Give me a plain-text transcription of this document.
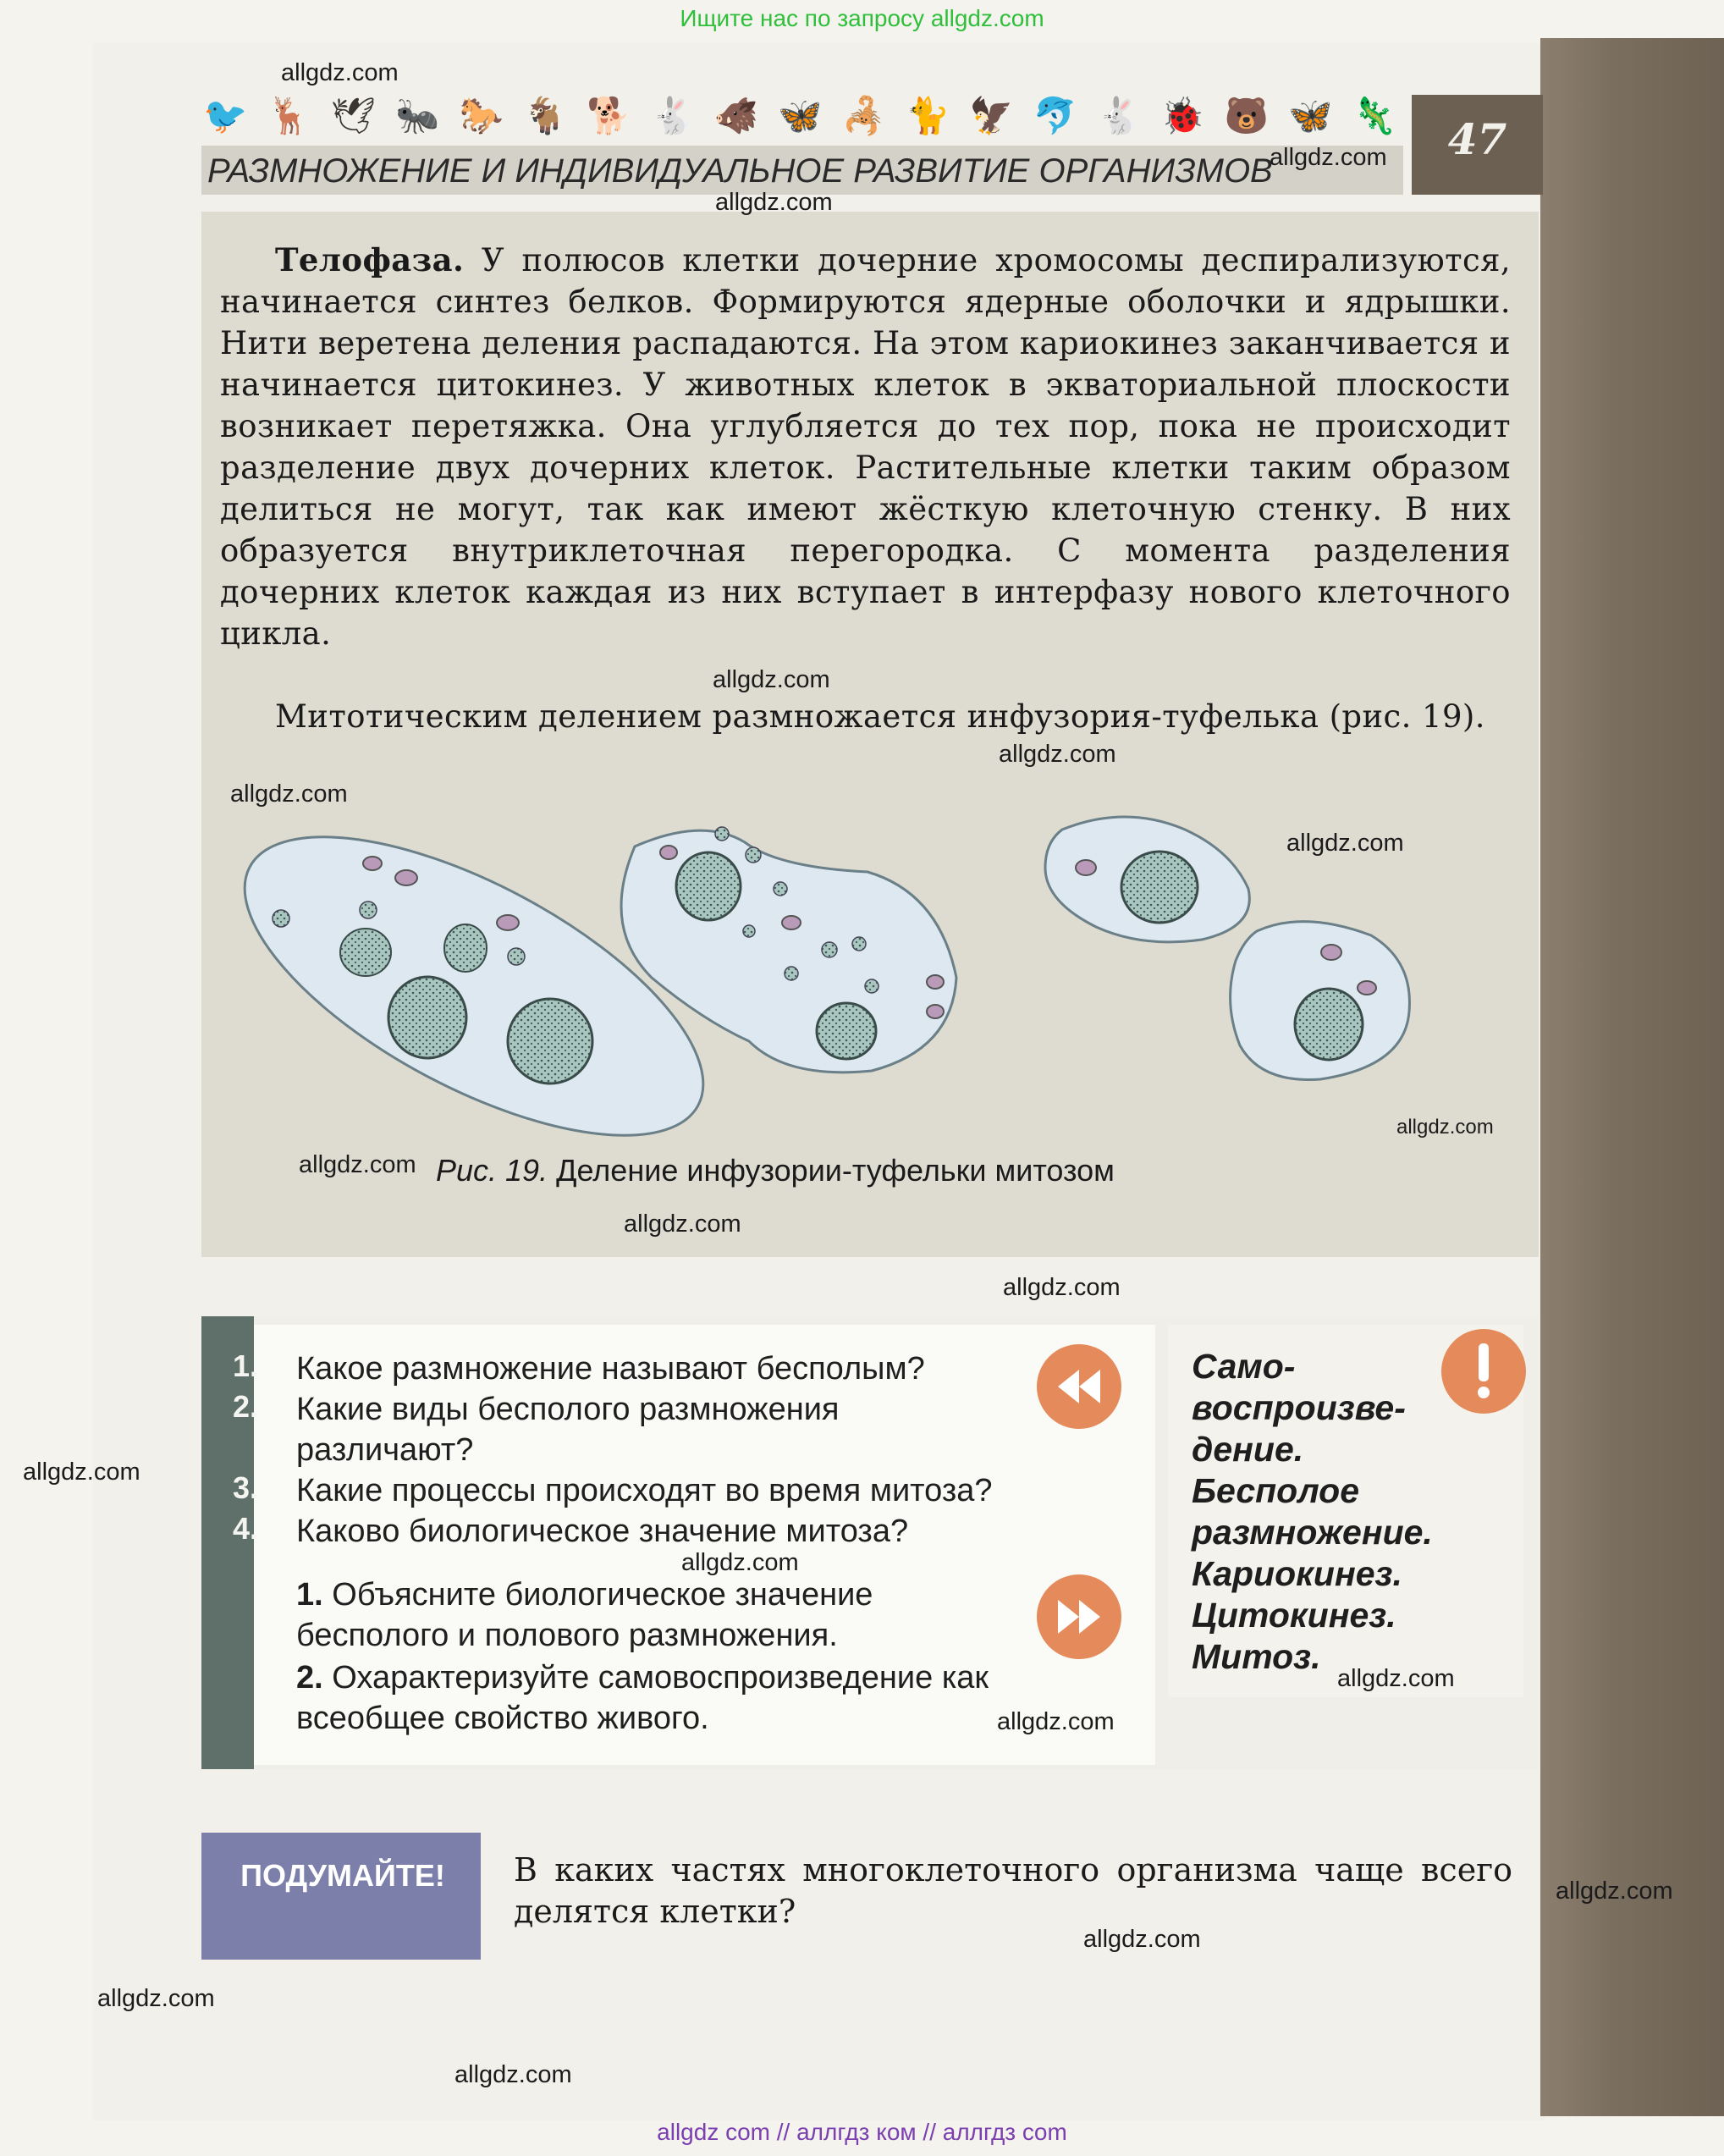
Ищите нас по запросу allgdz.com
🐦 🦌 🕊 🐜 🐎 🐐 🐕 🐇 🐗 🦋 🦂 🐈 🦅 🐬 🐇 🐞 🐻 🦋 🦎
РАЗМНОЖЕНИЕ И ИНДИВИДУАЛЬНОЕ РАЗВИТИЕ ОРГАНИЗМОВ
47
Телофаза. У полюсов клетки дочерние хромосомы деспирализуются, начинается синтез белков. Формируются ядерные оболочки и ядрышки. Нити веретена деления распадаются. На этом кариокинез заканчивается и начинается цитокинез. У животных клеток в экваториальной плоскости возникает перетяжка. Она углубляется до тех пор, пока не происходит разделение двух дочерних клеток. Растительные клетки таким образом делиться не могут, так как имеют жёсткую клеточную стенку. В них образуется внутриклеточная перегородка. С момента разделения дочерних клеток каждая из них вступает в интерфазу нового клеточного цикла.
Митотическим делением размножается инфузория-туфелька (рис. 19).
Рис. 19. Деление инфузории-туфельки митозом
1. Какое размножение называют бесполым?
2. Какие виды бесполого размножения различают?
3. Какие процессы происходят во время митоза?
4. Каково биологическое значение митоза?
1. Объясните биологическое значение бесполого и полового размножения.
2. Охарактеризуйте самовоспроизведение как всеобщее свойство живого.
Само-
воспроизве-
дение.
Бесполое
размножение.
Кариокинез.
Цитокинез.
Митоз.
ПОДУМАЙТЕ!	В каких частях многоклеточного организма чаще всего делятся клетки?
allgdz.com
allgdz.com
allgdz.com
allgdz.com
allgdz.com
allgdz.com
allgdz.com
allgdz.com
allgdz.com
allgdz.com
allgdz.com
allgdz.com
allgdz.com
allgdz.com
allgdz.com
allgdz.com
allgdz.com
allgdz.com
allgdz.com
allgdz com // аллгдз ком // аллгдз com
